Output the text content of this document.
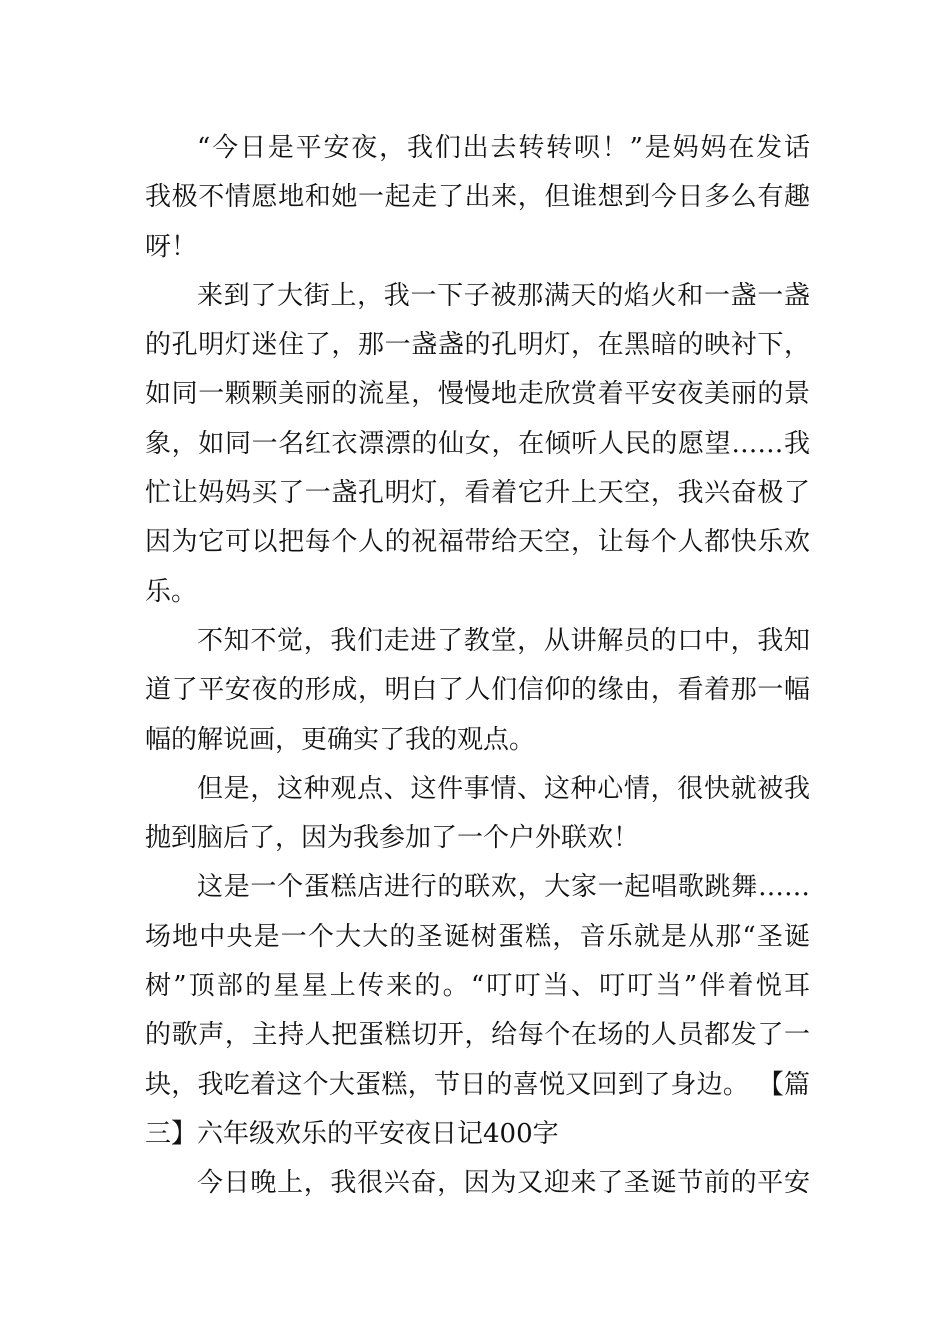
“今日是平安夜，我们出去转转呗！”是妈妈在发话
我极不情愿地和她一起走了出来，但谁想到今日多么有趣
呀！
来到了大街上，我一下子被那满天的焰火和一盏一盏
的孔明灯迷住了，那一盏盏的孔明灯，在黑暗的映衬下，
如同一颗颗美丽的流星，慢慢地走欣赏着平安夜美丽的景
象，如同一名红衣漂漂的仙女，在倾听人民的愿望……我
忙让妈妈买了一盏孔明灯，看着它升上天空，我兴奋极了
因为它可以把每个人的祝福带给天空，让每个人都快乐欢
乐。
不知不觉，我们走进了教堂，从讲解员的口中，我知
道了平安夜的形成，明白了人们信仰的缘由，看着那一幅
幅的解说画，更确实了我的观点。
但是，这种观点、这件事情、这种心情，很快就被我
抛到脑后了，因为我参加了一个户外联欢！
这是一个蛋糕店进行的联欢，大家一起唱歌跳舞……
场地中央是一个大大的圣诞树蛋糕，音乐就是从那“圣诞
树”顶部的星星上传来的。“叮叮当、叮叮当”伴着悦耳
的歌声，主持人把蛋糕切开，给每个在场的人员都发了一
块，我吃着这个大蛋糕，节日的喜悦又回到了身边。 【篇
三】六年级欢乐的平安夜日记400字
今日晚上，我很兴奋，因为又迎来了圣诞节前的平安
